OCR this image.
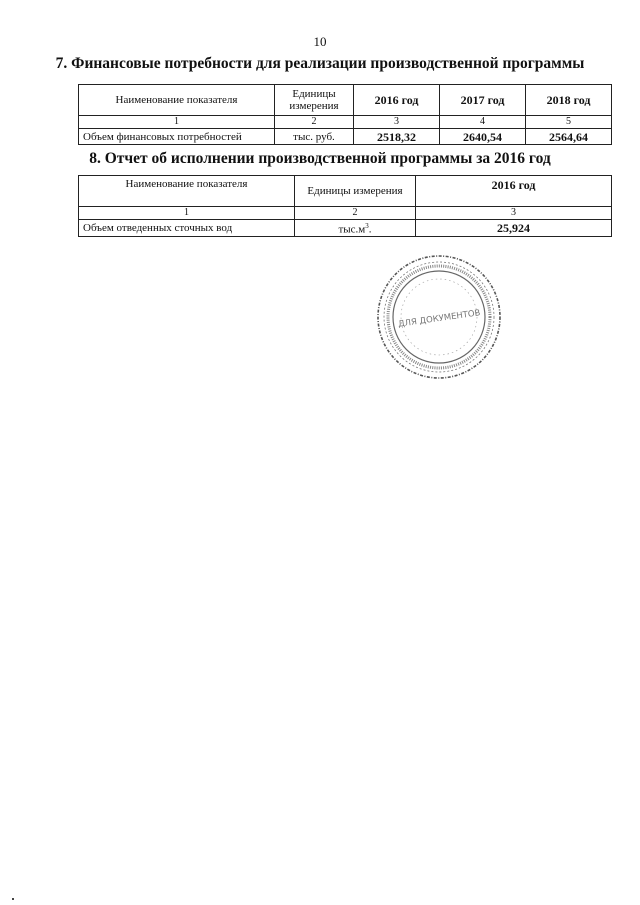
10
7. Финансовые потребности для реализации производственной программы
Наименование показателя	Единицы измерения	2016 год	2017 год	2018 год
1	2	3	4	5
Объем финансовых потребностей	тыс. руб.	2518,32	2640,54	2564,64
8. Отчет об исполнении производственной программы за 2016 год
Наименование показателя	Единицы измерения	2016 год
1	2	3
Объем отведенных сточных вод	$тыс.м^3$.	25,924
ДЛЯ ДОКУМЕНТОВ
